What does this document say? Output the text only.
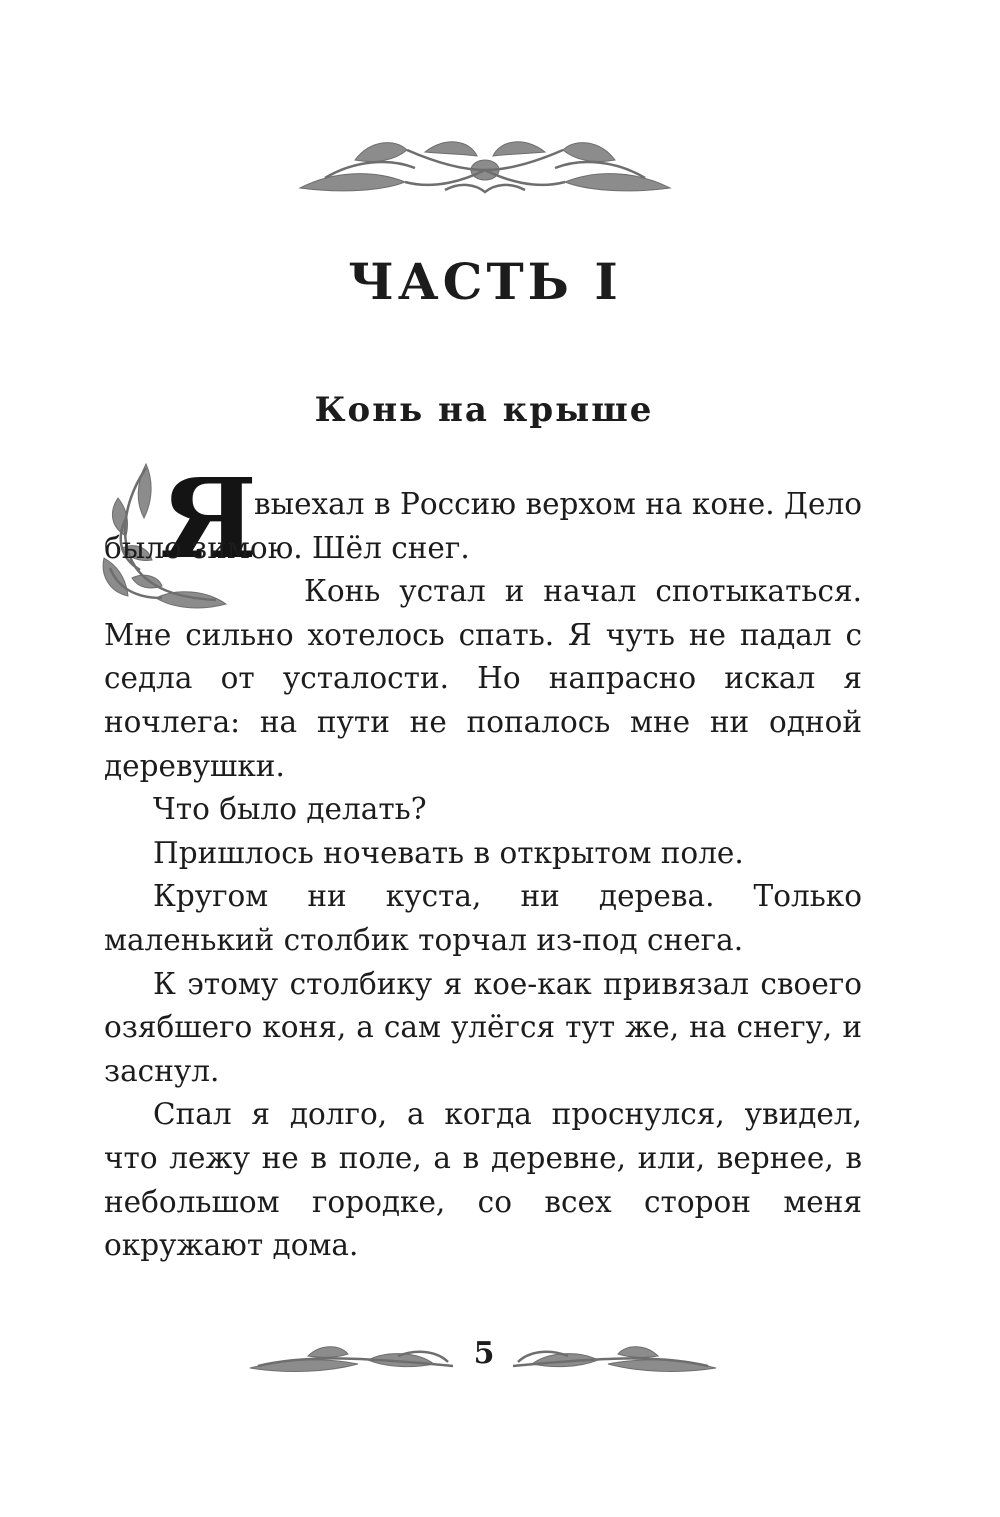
ЧАСТЬ I
Конь на крыше
Я

выехал в Россию верхом на коне. Дело было зимою. Шёл снег.

Конь устал и начал спотыкаться. Мне сильно хотелось спать. Я чуть не падал с седла от усталости. Но напрасно искал я ночлега: на пути не попалось мне ни одной деревушки.

Что было делать?

Пришлось ночевать в открытом поле.

Кругом ни куста, ни дерева. Только маленький столбик торчал из-под снега.

К этому столбику я кое-как привязал своего озябшего коня, а сам улёгся тут же, на снегу, и заснул.

Спал я долго, а когда проснулся, увидел, что лежу не в поле, а в деревне, или, вернее, в небольшом городке, со всех сторон меня окружают дома.

5
